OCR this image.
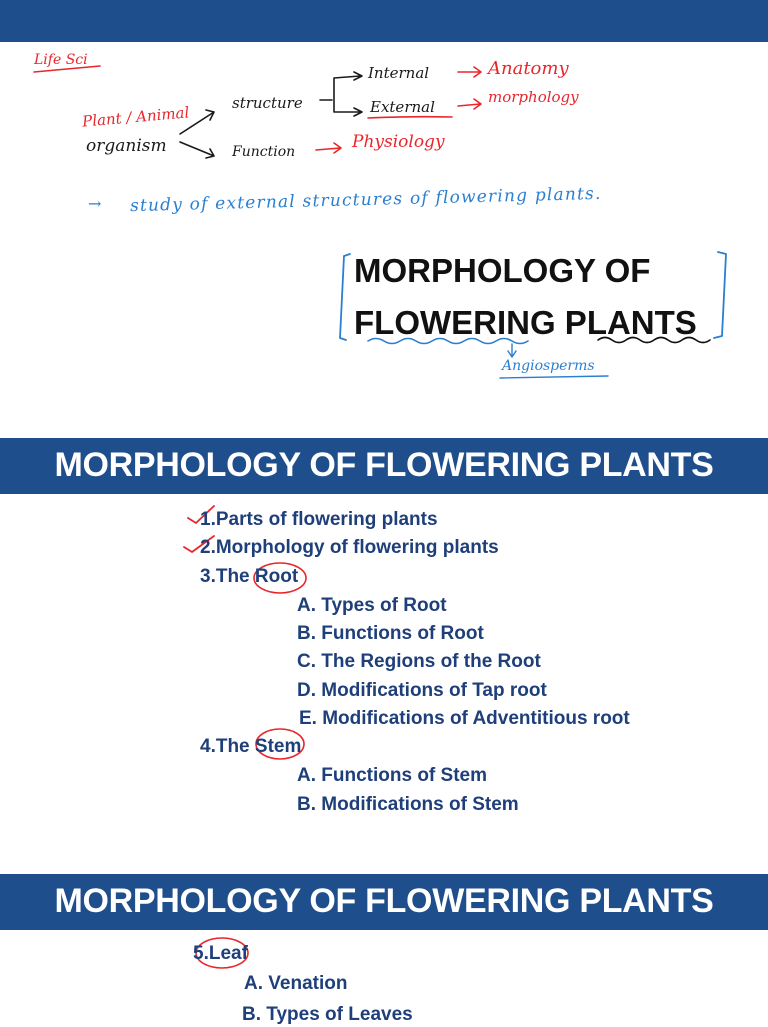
Life Sci
Plant / Animal
organism
structure
Internal	Anatomy
External
morphology
Function	Physiology
→ study of external structures of flowering plants.
MORPHOLOGY OF
FLOWERING PLANTS
Angiosperms
MORPHOLOGY OF FLOWERING PLANTS
1.Parts of flowering plants
2.Morphology of flowering plants
3.The Root
A. Types of Root
B. Functions of Root
C. The Regions of the Root
D. Modifications of Tap root
E. Modifications of Adventitious root
4.The Stem
A. Functions of Stem
B. Modifications of Stem
MORPHOLOGY OF FLOWERING PLANTS
5.Leaf
A. Venation
B. Types of Leaves
